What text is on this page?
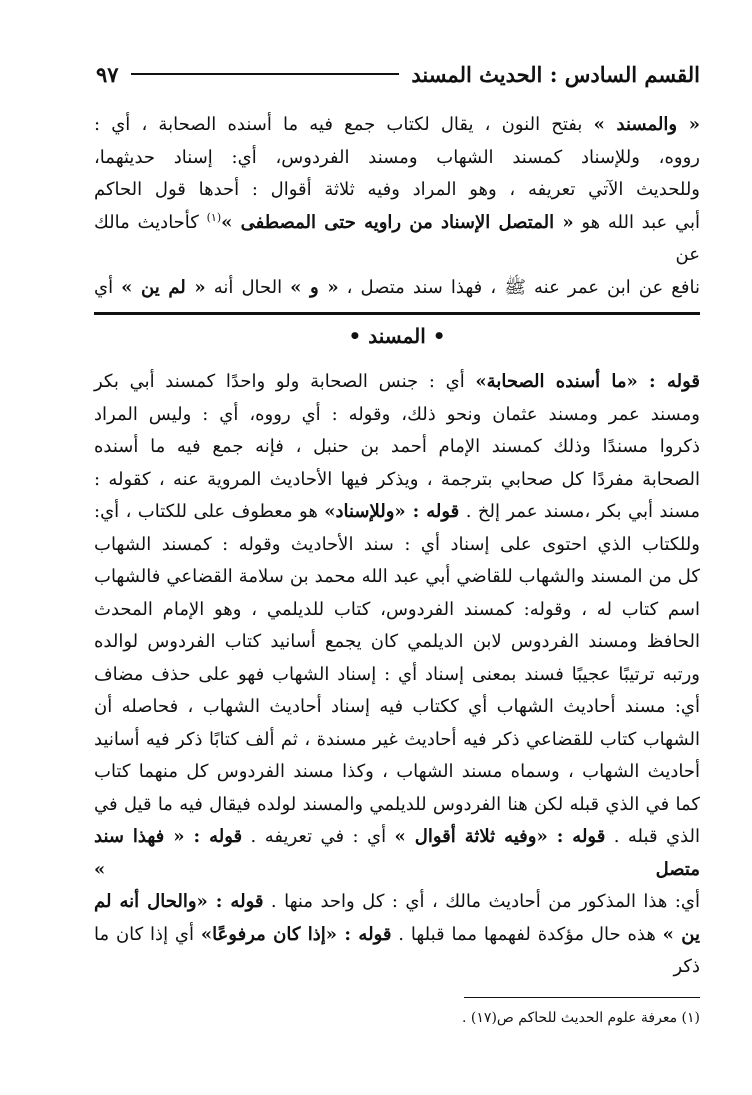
القسم السادس : الحديث المسند
٩٧

« والمسند » بفتح النون ، يقال لكتاب جمع فيه ما أسنده الصحابة ، أي :

رووه، وللإسناد كمسند الشهاب ومسند الفردوس، أي: إسناد حديثهما،

وللحديث الآتي تعريفه ، وهو المراد وفيه ثلاثة أقوال : أحدها قول الحاكم

أبي عبد الله هو « المتصل الإسناد من راويه حتى المصطفى »$^{(١)}$ كأحاديث مالك عن

نافع عن ابن عمر عنه ﷺ ، فهذا سند متصل ، « و » الحال أنه « لم ين » أي

• المسند •

قوله : «ما أسنده الصحابة» أي : جنس الصحابة ولو واحدًا كمسند أبي بكر

ومسند عمر ومسند عثمان ونحو ذلك، وقوله : أي رووه، أي : وليس المراد

ذكروا مسندًا وذلك كمسند الإمام أحمد بن حنبل ، فإنه جمع فيه ما أسنده

الصحابة مفردًا كل صحابي بترجمة ، ويذكر فيها الأحاديث المروية عنه ، كقوله :

مسند أبي بكر ،مسند عمر إلخ . قوله : «وللإسناد» هو معطوف على للكتاب ، أي:

وللكتاب الذي احتوى على إسناد أي : سند الأحاديث وقوله : كمسند الشهاب

كل من المسند والشهاب للقاضي أبي عبد الله محمد بن سلامة القضاعي فالشهاب

اسم كتاب له ، وقوله: كمسند الفردوس، كتاب للديلمي ، وهو الإمام المحدث

الحافظ ومسند الفردوس لابن الديلمي كان يجمع أسانيد كتاب الفردوس لوالده

ورتبه ترتيبًا عجيبًا فسند بمعنى إسناد أي : إسناد الشهاب فهو على حذف مضاف

أي: مسند أحاديث الشهاب أي ككتاب فيه إسناد أحاديث الشهاب ، فحاصله أن

الشهاب كتاب للقضاعي ذكر فيه أحاديث غير مسندة ، ثم ألف كتابًا ذكر فيه أسانيد

أحاديث الشهاب ، وسماه مسند الشهاب ، وكذا مسند الفردوس كل منهما كتاب

كما في الذي قبله لكن هنا الفردوس للديلمي والمسند لولده فيقال فيه ما قيل في

الذي قبله . قوله : «وفيه ثلاثة أقوال » أي : في تعريفه . قوله : « فهذا سند متصل »

أي: هذا المذكور من أحاديث مالك ، أي : كل واحد منها . قوله : «والحال أنه لم

ين » هذه حال مؤكدة لفهمها مما قبلها . قوله : «إذا كان مرفوعًا» أي إذا كان ما ذكر

(١) معرفة علوم الحديث للحاكم ص(١٧) .
